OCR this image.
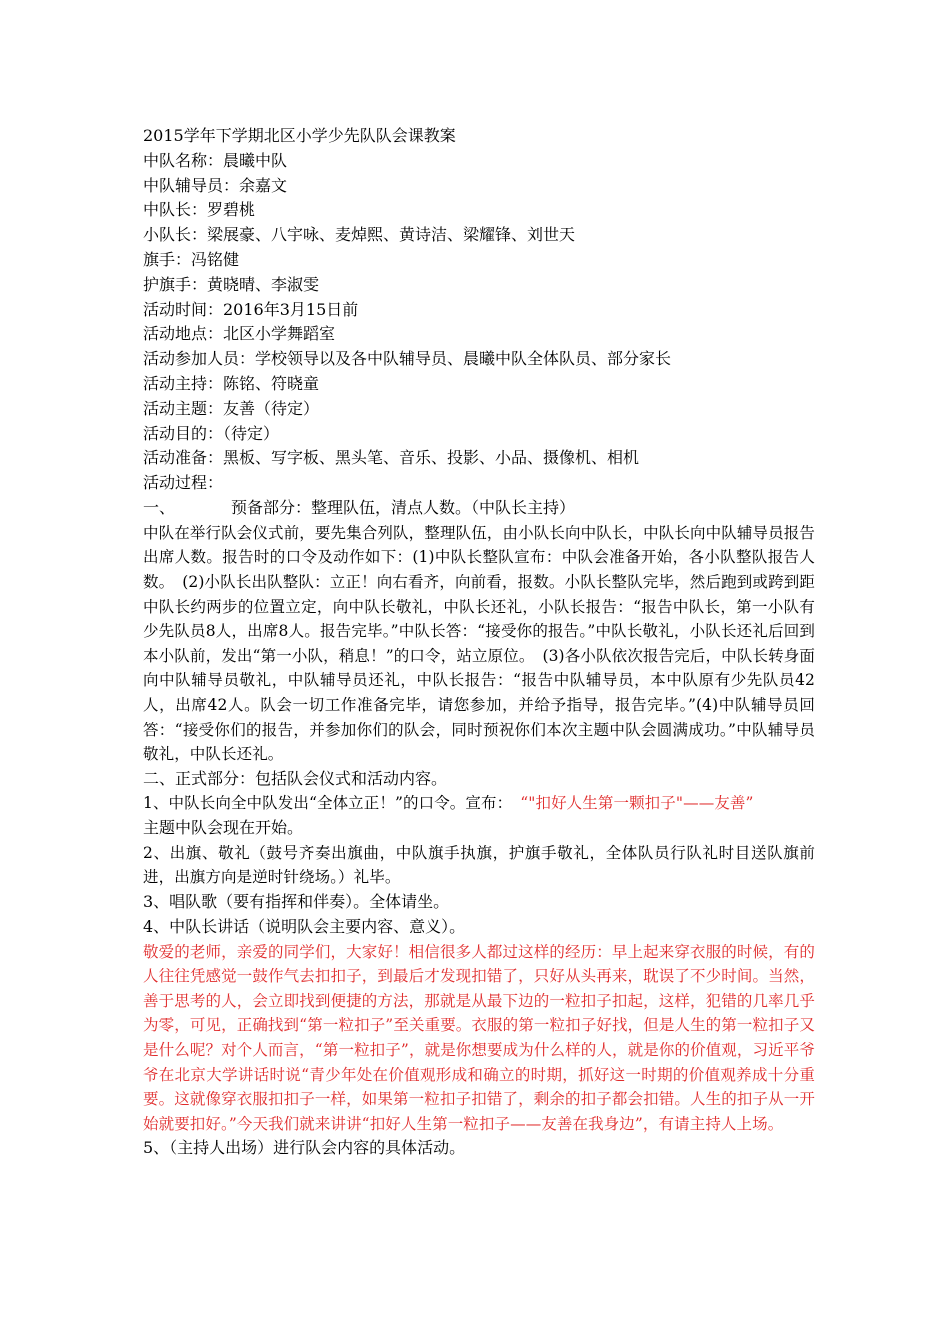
2015学年下学期北区小学少先队队会课教案

中队名称：晨曦中队

中队辅导员：余嘉文

中队长：罗碧桃

小队长：梁展豪、八宇咏、麦焯熙、黄诗洁、梁耀锋、刘世天

旗手：冯铭健

护旗手：黄晓晴、李淑雯

活动时间：2016年3月15日前

活动地点：北区小学舞蹈室

活动参加人员：学校领导以及各中队辅导员、晨曦中队全体队员、部分家长

活动主持：陈铭、符晓童

活动主题：友善（待定）

活动目的：（待定）

活动准备：黑板、写字板、黑头笔、音乐、投影、小品、摄像机、相机

活动过程：

一、	预备部分：整理队伍，清点人数。（中队长主持）

中队在举行队会仪式前，要先集合列队，整理队伍，由小队长向中队长，中队长向中队辅导员报告出席人数。报告时的口令及动作如下：(1)中队长整队宣布：中队会准备开始，各小队整队报告人数。　(2)小队长出队整队：立正！向右看齐，向前看，报数。小队长整队完毕，然后跑到或跨到距中队长约两步的位置立定，向中队长敬礼，中队长还礼，小队长报告：“报告中队长，第一小队有少先队员8人，出席8人。报告完毕。”中队长答：“接受你的报告。”中队长敬礼，小队长还礼后回到本小队前，发出“第一小队，稍息！”的口令，站立原位。　(3)各小队依次报告完后，中队长转身面向中队辅导员敬礼，中队辅导员还礼，中队长报告：“报告中队辅导员，本中队原有少先队员42人，出席42人。队会一切工作准备完毕，请您参加，并给予指导，报告完毕。”(4)中队辅导员回答：“接受你们的报告，并参加你们的队会，同时预祝你们本次主题中队会圆满成功。”中队辅导员敬礼，中队长还礼。

二、正式部分：包括队会仪式和活动内容。

1、中队长向全中队发出“全体立正！”的口令。宣布： “"扣好人生第一颗扣子"——友善”

主题中队会现在开始。

2、出旗、敬礼（鼓号齐奏出旗曲，中队旗手执旗，护旗手敬礼，全体队员行队礼时目送队旗前进，出旗方向是逆时针绕场。）礼毕。

3、唱队歌（要有指挥和伴奏）。全体请坐。

4、中队长讲话（说明队会主要内容、意义）。

敬爱的老师，亲爱的同学们，大家好！相信很多人都过这样的经历：早上起来穿衣服的时候，有的人往往凭感觉一鼓作气去扣扣子，到最后才发现扣错了，只好从头再来，耽误了不少时间。当然，善于思考的人，会立即找到便捷的方法，那就是从最下边的一粒扣子扣起，这样，犯错的几率几乎为零，可见，正确找到“第一粒扣子”至关重要。衣服的第一粒扣子好找，但是人生的第一粒扣子又是什么呢？对个人而言，“第一粒扣子”，就是你想要成为什么样的人，就是你的价值观，习近平爷爷在北京大学讲话时说“青少年处在价值观形成和确立的时期，抓好这一时期的价值观养成十分重要。这就像穿衣服扣扣子一样，如果第一粒扣子扣错了，剩余的扣子都会扣错。人生的扣子从一开始就要扣好。”今天我们就来讲讲“扣好人生第一粒扣子——友善在我身边”，有请主持人上场。

5、（主持人出场）进行队会内容的具体活动。
